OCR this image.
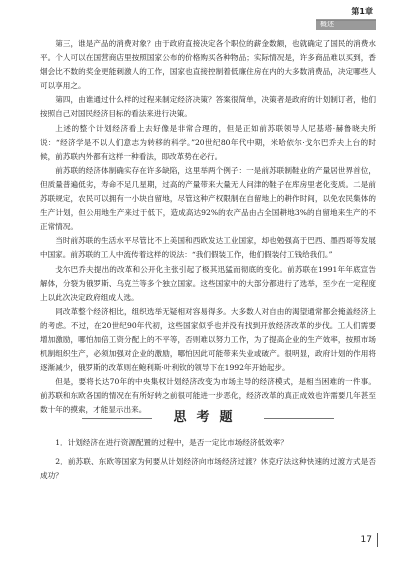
第1章
概述

第三，谁是产品的消费对象？由于政府直接决定各个职位的薪金数额，也就确定了国民的消费水平。个人可以在国营商店里按照国家公布的价格购买各种物品；实际情况是，许多商品难以买到，香烟会比不数的奖金更能刺激人的工作，国家也直接控制着低廉住房在内的大多数消费品，决定哪些人可以享用之。

第四，由谁通过什么样的过程来制定经济决策？答案很简单，决策者是政府的计划制订者，他们按照自己对国民经济目标的看法来进行决策。

上述的整个计划经济看上去好像是非常合理的，但是正如前苏联领导人尼基塔·赫鲁晓夫所说：“经济学是不以人们意志为转移的科学。”20世纪80年代中期，米哈依尔·戈尔巴乔夫上台的时候，前苏联内外都有这样一种看法，即改革势在必行。

前苏联的经济体制确实存在许多缺陷，这里举两个例子：一是前苏联制鞋业的产量居世界首位，但质量普遍低劣，寿命不足几星期，过高的产量带来大量无人问津的鞋子在库房里老化变质。二是前苏联规定，农民可以拥有一小块自留地，尽管这种产权限制在自留地上的耕作时间，以免农民集体的生产计划，但公用地生产来过于低下，造成高达92%的农产品由占全国耕地3%的自留地来生产的不正常情况。

当时前苏联的生活水平尽管比不上美国和西欧发达工业国家，却也勉强高于巴西、墨西哥等发展中国家。前苏联的工人中流传着这样的说法：“我们假装工作，他们假装付工钱给我们。”

戈尔巴乔夫提出的改革和公开化主张引起了极其迅猛而彻底的变化。前苏联在1991年年底宣告解体，分裂为俄罗斯、乌克兰等多个独立国家。这些国家中的大部分都进行了选举，至少在一定程度上以此次决定政府组成人选。

同改革整个经济相比，组织选举无疑相对容易得多。大多数人对自由的渴望通常都会掩盖经济上的考虑。不过，在20世纪90年代初，这些国家似乎也并没有找到开放经济改革的步伐。工人们需要增加激励，哪怕加倍工资分配上的不平等，否则难以努力工作，为了提高企业的生产效率，按照市场机制组织生产，必须加强对企业的激励，哪怕因此可能带来失业或破产。很明显，政府计划的作用将逐渐减少，俄罗斯的改革则在鲍利斯·叶利钦的领导下在1992年开始起步。

但是，要将长达70年的中央集权计划经济改变为市场主导的经济模式，是相当困难的一件事。前苏联和东欧各国的情况在有所好转之前很可能进一步恶化，经济改革的真正成效也许需要几年甚至数十年的摸索，才能显示出来。

思考题

1．计划经济在进行资源配置的过程中，是否一定比市场经济低效率？

2．前苏联、东欧等国家为何要从计划经济向市场经济过渡？休克疗法这种快速的过渡方式是否成功？

17
